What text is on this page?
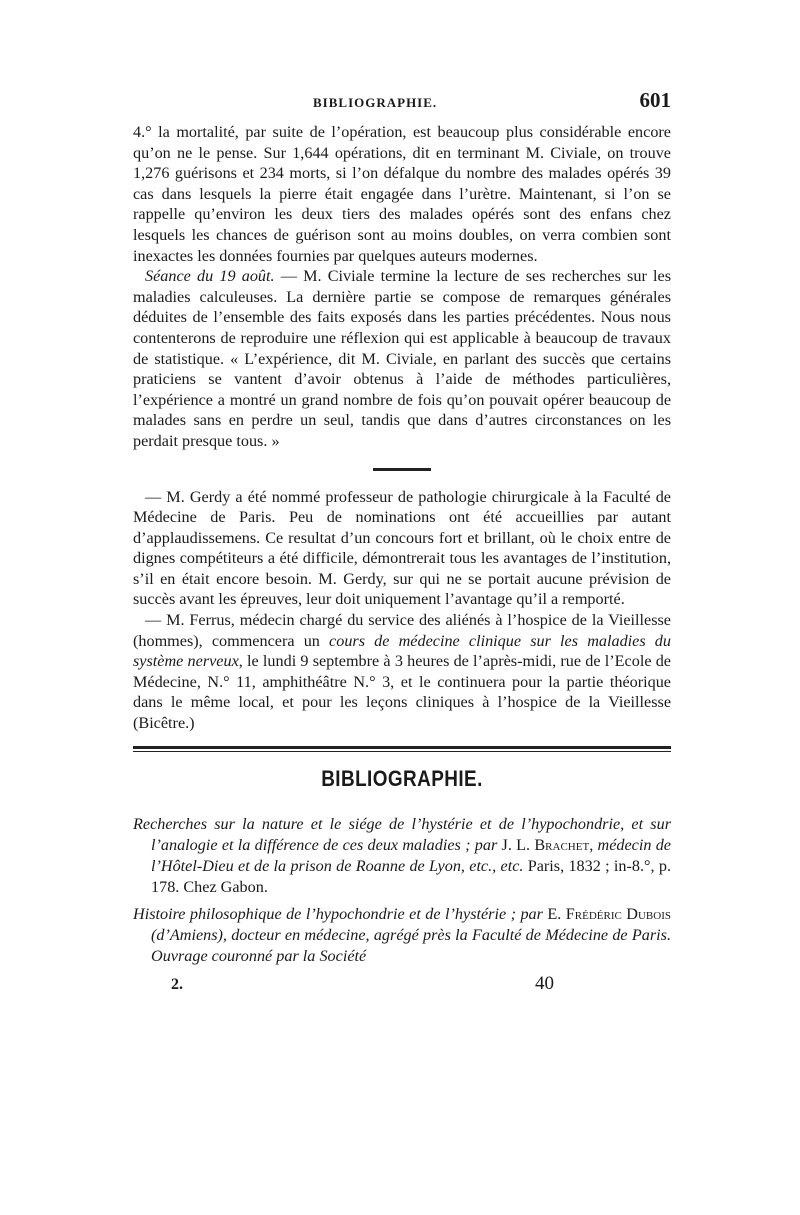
BIBLIOGRAPHIE.	601

4.° la mortalité, par suite de l’opération, est beaucoup plus considérable encore qu’on ne le pense. Sur 1,644 opérations, dit en terminant M. Civiale, on trouve 1,276 guérisons et 234 morts, si l’on défalque du nombre des malades opérés 39 cas dans lesquels la pierre était engagée dans l’urètre. Maintenant, si l’on se rappelle qu’environ les deux tiers des malades opérés sont des enfans chez lesquels les chances de guérison sont au moins doubles, on verra combien sont inexactes les données fournies par quelques auteurs modernes.

Séance du 19 août. — M. Civiale termine la lecture de ses recherches sur les maladies calculeuses. La dernière partie se compose de remarques générales déduites de l’ensemble des faits exposés dans les parties précédentes. Nous nous contenterons de reproduire une réflexion qui est applicable à beaucoup de travaux de statistique. « L’expérience, dit M. Civiale, en parlant des succès que certains praticiens se vantent d’avoir obtenus à l’aide de méthodes particulières, l’expérience a montré un grand nombre de fois qu’on pouvait opérer beaucoup de malades sans en perdre un seul, tandis que dans d’autres circonstances on les perdait presque tous. »

— M. Gerdy a été nommé professeur de pathologie chirurgicale à la Faculté de Médecine de Paris. Peu de nominations ont été accueillies par autant d’applaudissemens. Ce resultat d’un concours fort et brillant, où le choix entre de dignes compétiteurs a été difficile, démontrerait tous les avantages de l’institution, s’il en était encore besoin. M. Gerdy, sur qui ne se portait aucune prévision de succès avant les épreuves, leur doit uniquement l’avantage qu’il a remporté.

— M. Ferrus, médecin chargé du service des aliénés à l’hospice de la Vieillesse (hommes), commencera un cours de médecine clinique sur les maladies du système nerveux, le lundi 9 septembre à 3 heures de l’après-midi, rue de l’Ecole de Médecine, N.° 11, amphithéâtre N.° 3, et le continuera pour la partie théorique dans le même local, et pour les leçons cliniques à l’hospice de la Vieillesse (Bicêtre.)

BIBLIOGRAPHIE.
Recherches sur la nature et le siége de l’hystérie et de l’hypochondrie, et sur l’analogie et la différence de ces deux maladies ; par J. L. Brachet, médecin de l’Hôtel-Dieu et de la prison de Roanne de Lyon, etc., etc. Paris, 1832 ; in-8.°, p. 178. Chez Gabon.
Histoire philosophique de l’hypochondrie et de l’hystérie ; par E. Frédéric Dubois (d’Amiens), docteur en médecine, agrégé près la Faculté de Médecine de Paris. Ouvrage couronné par la Société
2.	40
